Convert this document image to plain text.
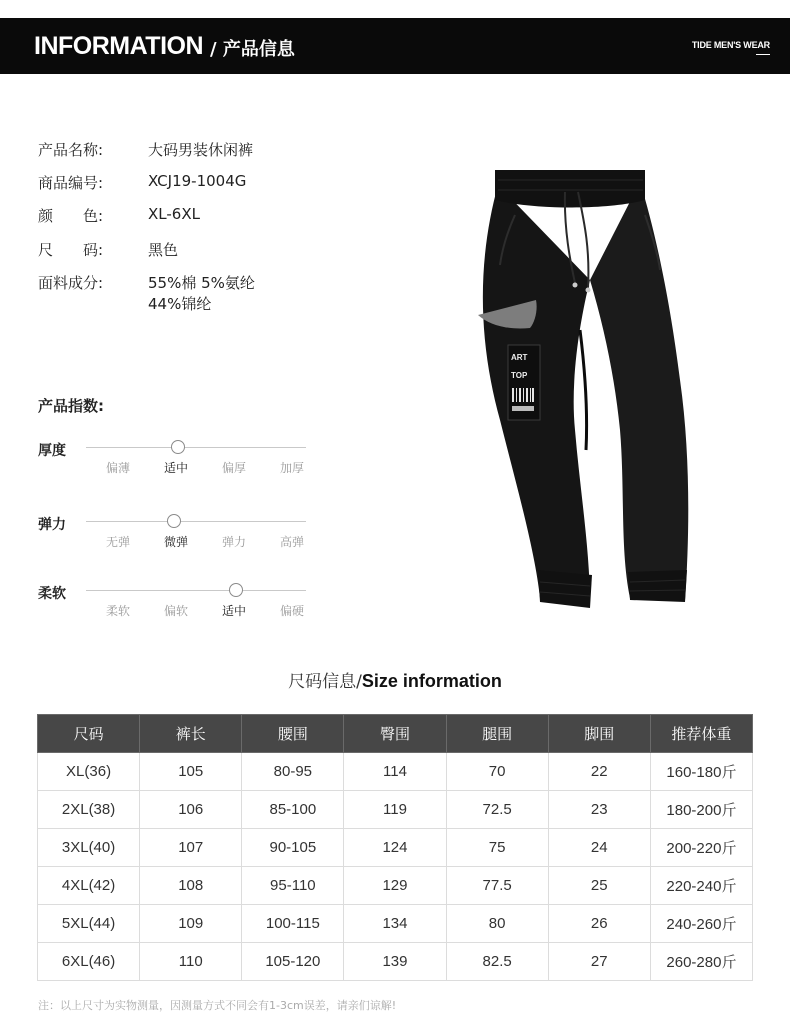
INFORMATION / 产品信息	TIDE MEN'S WEAR
产品名称:	大码男装休闲裤
商品编号:	XCJ19-1004G
颜　　色:	XL-6XL
尺　　码:	黑色
面料成分:	55%棉 5%氨纶
44%锦纶
产品指数:
厚度
偏薄	适中	偏厚	加厚
弹力
无弹	微弹	弹力	高弹
柔软
柔软	偏软	适中	偏硬
ART
TOP
尺码信息/Size information
尺码	裤长	腰围	臀围	腿围	脚围	推荐体重
XL(36)	105	80-95	114	70	22	160-180斤
2XL(38)	106	85-100	119	72.5	23	180-200斤
3XL(40)	107	90-105	124	75	24	200-220斤
4XL(42)	108	95-110	129	77.5	25	220-240斤
5XL(44)	109	100-115	134	80	26	240-260斤
6XL(46)	110	105-120	139	82.5	27	260-280斤
注：以上尺寸为实物测量，因测量方式不同会有1-3cm误差，请亲们谅解!
